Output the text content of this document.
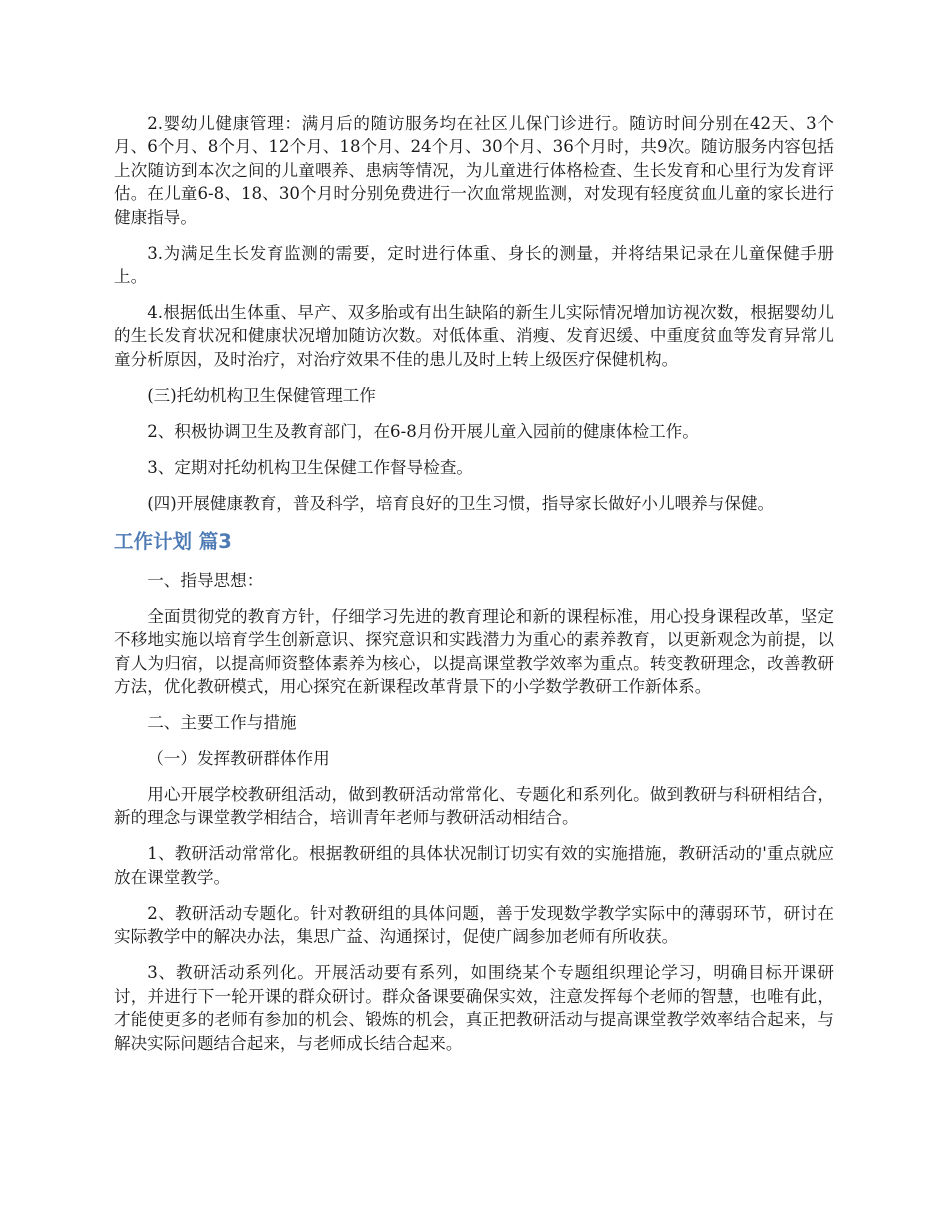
2.婴幼儿健康管理：满月后的随访服务均在社区儿保门诊进行。随访时间分别在42天、3个月、6个月、8个月、12个月、18个月、24个月、30个月、36个月时，共9次。随访服务内容包括上次随访到本次之间的儿童喂养、患病等情况，为儿童进行体格检查、生长发育和心里行为发育评估。在儿童6-8、18、30个月时分别免费进行一次血常规监测，对发现有轻度贫血儿童的家长进行健康指导。

3.为满足生长发育监测的需要，定时进行体重、身长的测量，并将结果记录在儿童保健手册上。

4.根据低出生体重、早产、双多胎或有出生缺陷的新生儿实际情况增加访视次数，根据婴幼儿的生长发育状况和健康状况增加随访次数。对低体重、消瘦、发育迟缓、中重度贫血等发育异常儿童分析原因，及时治疗，对治疗效果不佳的患儿及时上转上级医疗保健机构。

(三)托幼机构卫生保健管理工作

2、积极协调卫生及教育部门，在6-8月份开展儿童入园前的健康体检工作。

3、定期对托幼机构卫生保健工作督导检查。

(四)开展健康教育，普及科学，培育良好的卫生习惯，指导家长做好小儿喂养与保健。

工作计划 篇3

一、指导思想：

全面贯彻党的教育方针，仔细学习先进的教育理论和新的课程标准，用心投身课程改革，坚定不移地实施以培育学生创新意识、探究意识和实践潜力为重心的素养教育，以更新观念为前提，以育人为归宿，以提高师资整体素养为核心，以提高课堂教学效率为重点。转变教研理念，改善教研方法，优化教研模式，用心探究在新课程改革背景下的小学数学教研工作新体系。

二、主要工作与措施

（一）发挥教研群体作用

用心开展学校教研组活动，做到教研活动常常化、专题化和系列化。做到教研与科研相结合，新的理念与课堂教学相结合，培训青年老师与教研活动相结合。

1、教研活动常常化。根据教研组的具体状况制订切实有效的实施措施，教研活动的'重点就应放在课堂教学。

2、教研活动专题化。针对教研组的具体问题，善于发现数学教学实际中的薄弱环节，研讨在实际教学中的解决办法，集思广益、沟通探讨，促使广阔参加老师有所收获。

3、教研活动系列化。开展活动要有系列，如围绕某个专题组织理论学习，明确目标开课研讨，并进行下一轮开课的群众研讨。群众备课要确保实效，注意发挥每个老师的智慧，也唯有此，才能使更多的老师有参加的机会、锻炼的机会，真正把教研活动与提高课堂教学效率结合起来，与解决实际问题结合起来，与老师成长结合起来。
